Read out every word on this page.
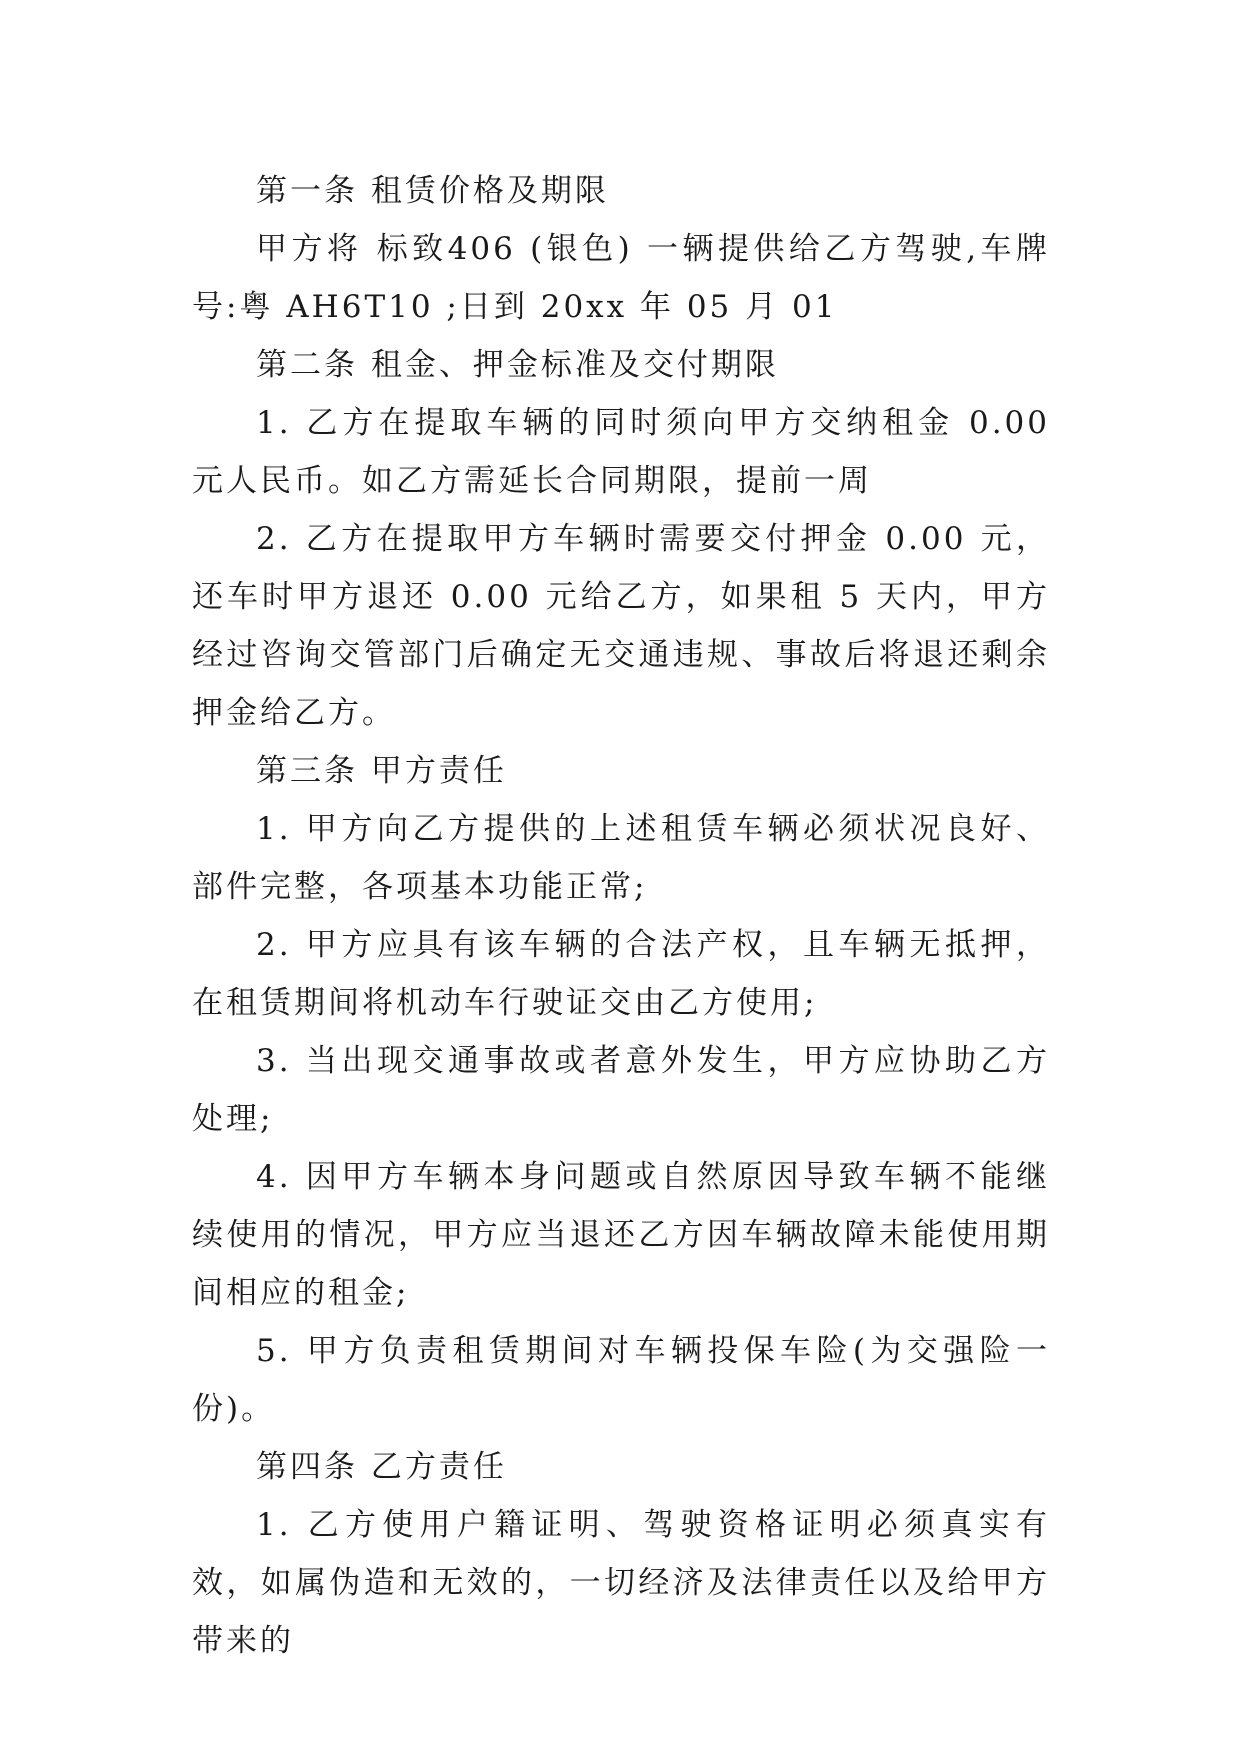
第一条 租赁价格及期限

甲方将 标致406 (银色) 一辆提供给乙方驾驶,车牌号:粤 AH6T10 ;日到 20xx 年 05 月 01

第二条 租金、押金标准及交付期限

1. 乙方在提取车辆的同时须向甲方交纳租金 0.00 元人民币。如乙方需延长合同期限，提前一周

2. 乙方在提取甲方车辆时需要交付押金 0.00 元，还车时甲方退还 0.00 元给乙方，如果租 5 天内，甲方经过咨询交管部门后确定无交通违规、事故后将退还剩余押金给乙方。

第三条 甲方责任

1. 甲方向乙方提供的上述租赁车辆必须状况良好、部件完整，各项基本功能正常;

2. 甲方应具有该车辆的合法产权，且车辆无抵押，在租赁期间将机动车行驶证交由乙方使用;

3. 当出现交通事故或者意外发生，甲方应协助乙方处理;

4. 因甲方车辆本身问题或自然原因导致车辆不能继续使用的情况，甲方应当退还乙方因车辆故障未能使用期间相应的租金;

5. 甲方负责租赁期间对车辆投保车险(为交强险一份)。

第四条 乙方责任

1. 乙方使用户籍证明、驾驶资格证明必须真实有效，如属伪造和无效的，一切经济及法律责任以及给甲方带来的
